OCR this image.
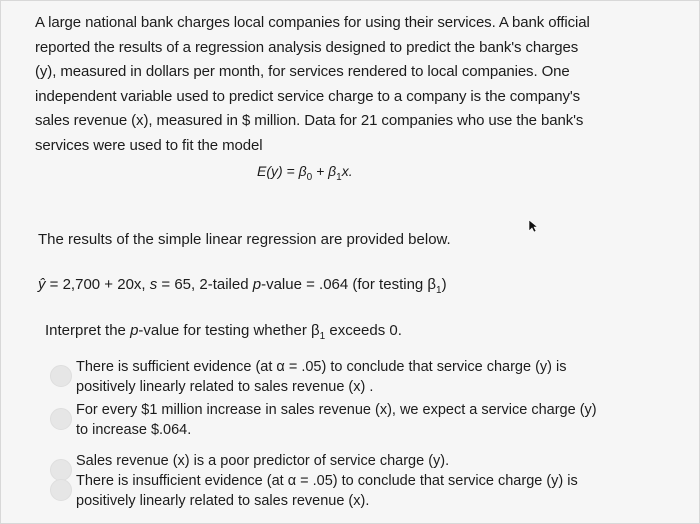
A large national bank charges local companies for using their services. A bank official
reported the results of a regression analysis designed to predict the bank's charges
(y), measured in dollars per month, for services rendered to local companies. One
independent variable used to predict service charge to a company is the company's
sales revenue (x), measured in $ million. Data for 21 companies who use the bank's
services were used to fit the model
$E(y) = \beta_0 + \beta_1x$.
The results of the simple linear regression are provided below.
ŷ = 2,700 + 20x, s = 65, 2-tailed p-value = .064 (for testing $\beta_1$)
Interpret the p-value for testing whether $\beta_1$ exceeds 0.
There is sufficient evidence (at α = .05) to conclude that service charge (y) is
positively linearly related to sales revenue (x) .
For every $1 million increase in sales revenue (x), we expect a service charge (y)
to increase $.064.
Sales revenue (x) is a poor predictor of service charge (y).
There is insufficient evidence (at α = .05) to conclude that service charge (y) is
positively linearly related to sales revenue (x).
